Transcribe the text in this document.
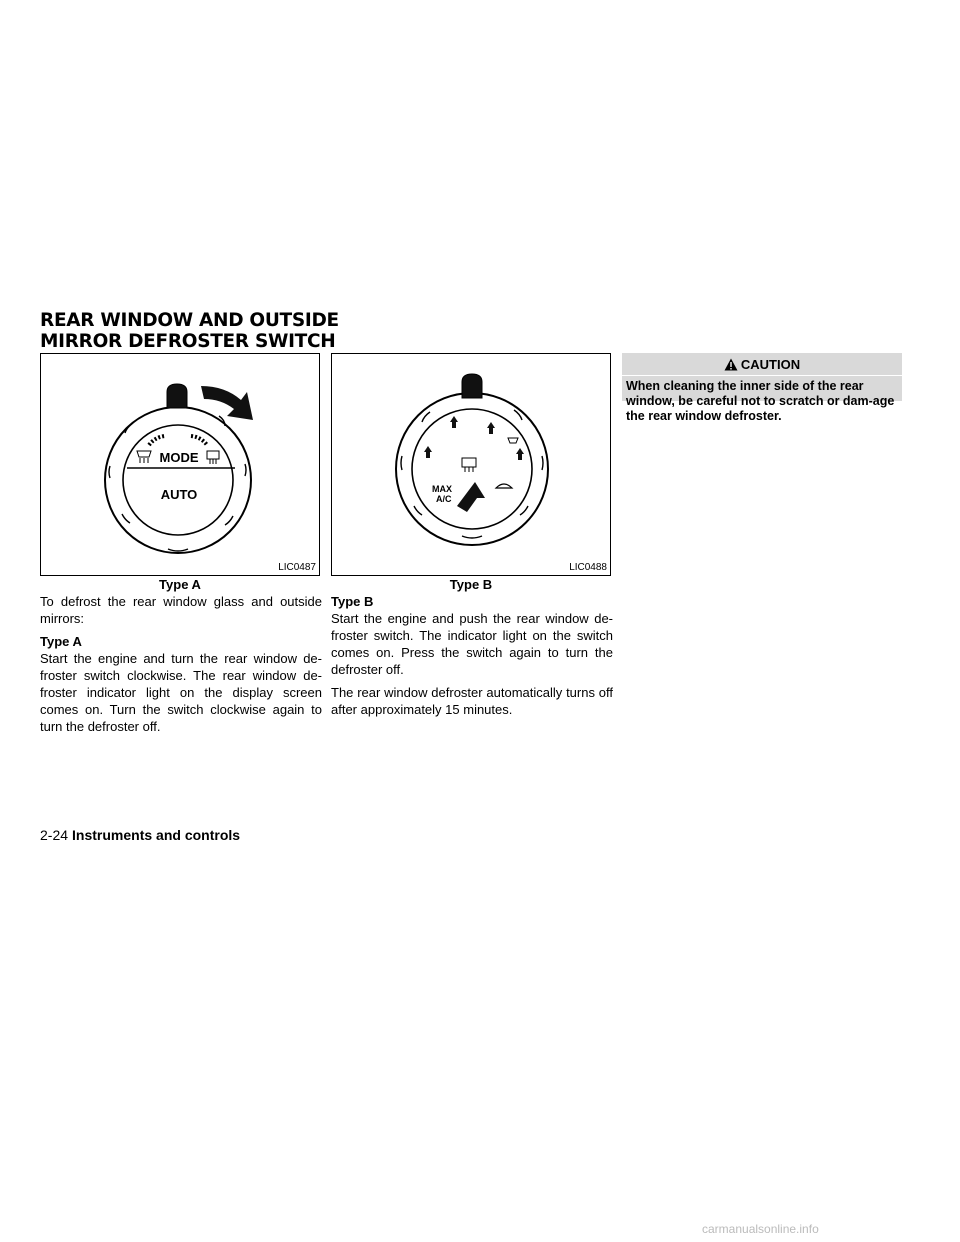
REAR WINDOW AND OUTSIDE
MIRROR DEFROSTER SWITCH
MODE
AUTO
LIC0487
Type A
MAX
A/C
LIC0488
Type B

To defrost the rear window glass and outside mirrors:

Type A

Start the engine and turn the rear window de-froster switch clockwise. The rear window de-froster indicator light on the display screen comes on. Turn the switch clockwise again to turn the defroster off.

Type B

Start the engine and push the rear window de-froster switch. The indicator light on the switch comes on. Press the switch again to turn the defroster off.

The rear window defroster automatically turns off after approximately 15 minutes.

CAUTION
When cleaning the inner side of the rear window, be careful not to scratch or dam-age the rear window defroster.
2-24 Instruments and controls
carmanualsonline.info
